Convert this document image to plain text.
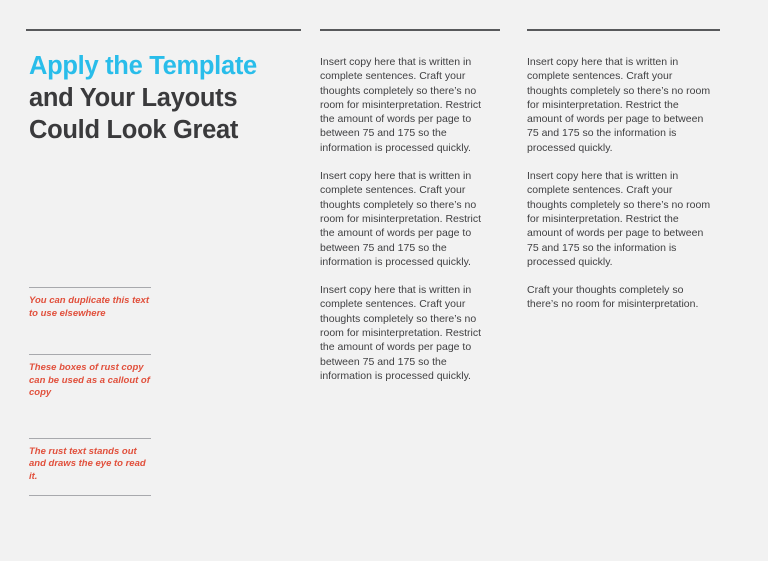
Apply the Template

and Your Layouts

Could Look Great

You can duplicate this text to use elsewhere

These boxes of rust copy can be used as a callout of copy

The rust text stands out and draws the eye to read it.

Insert copy here that is written in complete sentences. Craft your thoughts completely so there’s no room for misinterpretation. Restrict the amount of words per page to between 75 and 175 so the information is processed quickly.

Insert copy here that is written in complete sentences. Craft your thoughts completely so there’s no room for misinterpretation. Restrict the amount of words per page to between 75 and 175 so the information is processed quickly.

Insert copy here that is written in complete sentences. Craft your thoughts completely so there’s no room for misinterpretation. Restrict the amount of words per page to between 75 and 175 so the information is processed quickly.

Insert copy here that is written in complete sentences. Craft your thoughts completely so there’s no room for misinterpretation. Restrict the amount of words per page to between 75 and 175 so the information is processed quickly.

Insert copy here that is written in complete sentences. Craft your thoughts completely so there’s no room for misinterpretation. Restrict the amount of words per page to between 75 and 175 so the information is processed quickly.

Craft your thoughts completely so there’s no room for misinterpretation.
